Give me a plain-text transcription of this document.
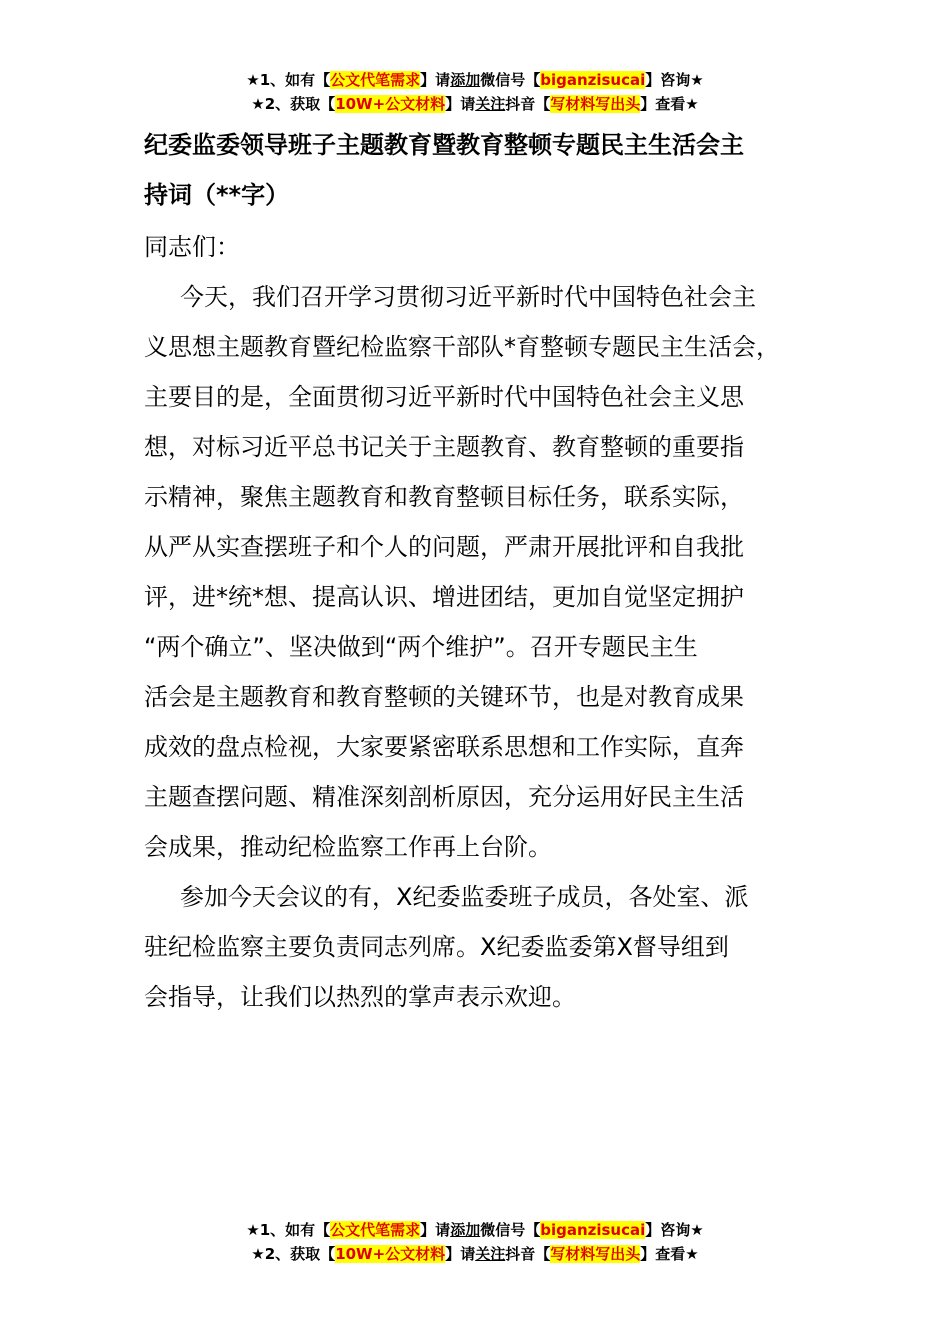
★1、如有【公文代笔需求】请添加微信号【biganzisucai】咨询★
★2、获取【10W+公文材料】请关注抖音【写材料写出头】查看★
纪委监委领导班子主题教育暨教育整顿专题民主生活会主
持词（**字）
同志们：

今天，我们召开学习贯彻习近平新时代中国特色社会主
义思想主题教育暨纪检监察干部队*育整顿专题民主生活会，
主要目的是，全面贯彻习近平新时代中国特色社会主义思
想，对标习近平总书记关于主题教育、教育整顿的重要指
示精神，聚焦主题教育和教育整顿目标任务，联系实际，
从严从实查摆班子和个人的问题，严肃开展批评和自我批
评，进*统*想、提高认识、增进团结，更加自觉坚定拥护
“两个确立”、坚决做到“两个维护”。召开专题民主生
活会是主题教育和教育整顿的关键环节，也是对教育成果
成效的盘点检视，大家要紧密联系思想和工作实际，直奔
主题查摆问题、精准深刻剖析原因，充分运用好民主生活
会成果，推动纪检监察工作再上台阶。

参加今天会议的有，X纪委监委班子成员，各处室、派
驻纪检监察主要负责同志列席。X纪委监委第X督导组到
会指导，让我们以热烈的掌声表示欢迎。

★1、如有【公文代笔需求】请添加微信号【biganzisucai】咨询★
★2、获取【10W+公文材料】请关注抖音【写材料写出头】查看★
